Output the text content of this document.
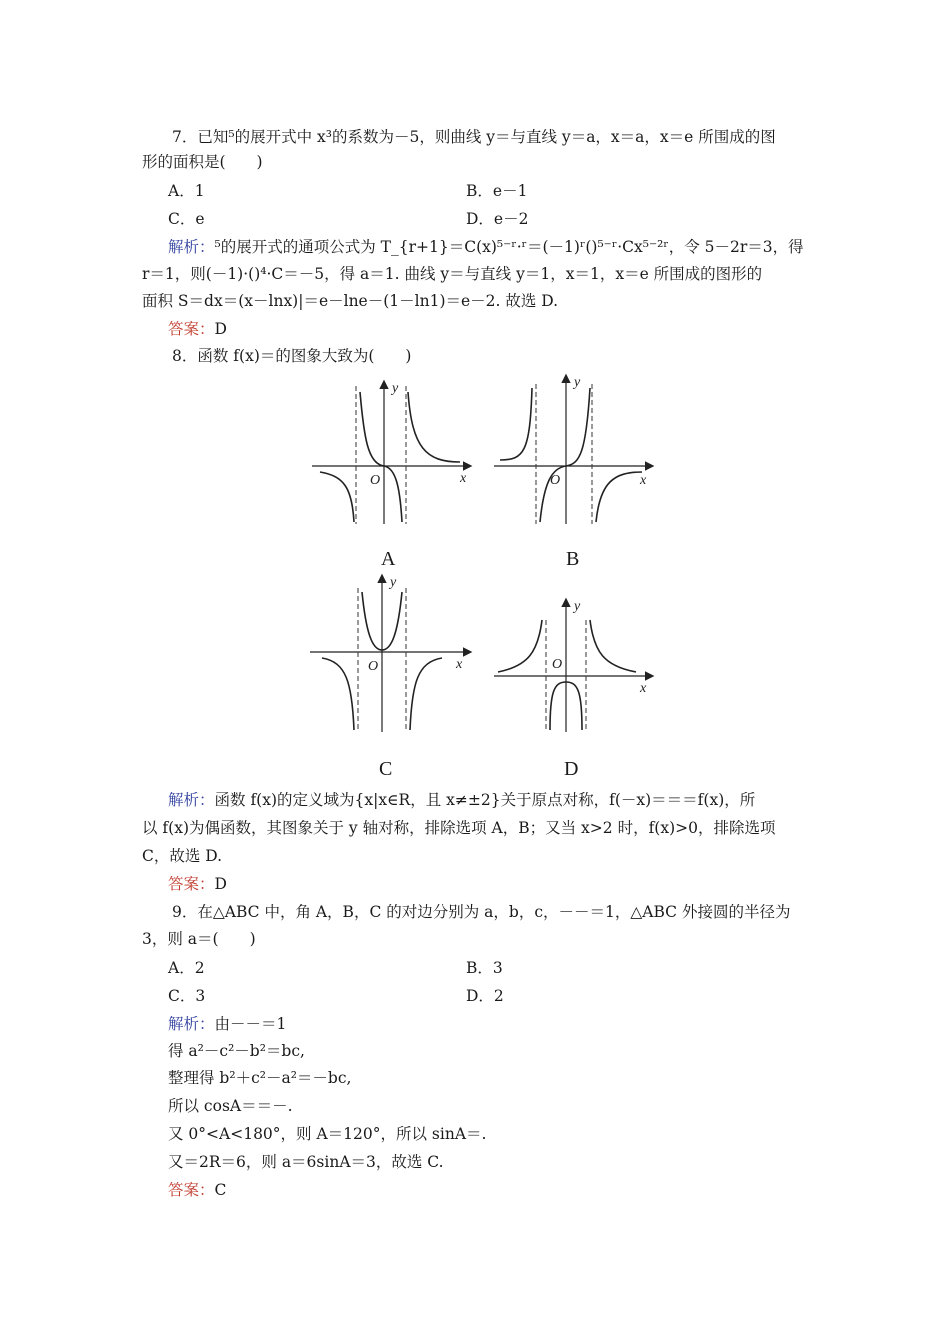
7．已知⁵的展开式中 x³的系数为－5，则曲线 y＝与直线 y＝a，x＝a，x＝e 所围成的图
形的面积是(　　)
A．1	B．e－1
C．e	D．e－2
解析：⁵的展开式的通项公式为 T_{r+1}＝C(x)⁵⁻ʳ·ʳ＝(－1)ʳ()⁵⁻ʳ·Cx⁵⁻²ʳ，令 5－2r＝3，得
r＝1，则(－1)·()⁴·C＝－5，得 a＝1. 曲线 y＝与直线 y＝1，x＝1，x＝e 所围成的图形的
面积 S＝dx＝(x－lnx)|＝e－lne－(1－ln1)＝e－2. 故选 D.
答案：D
8．函数 f(x)＝的图象大致为(　　)
x
y
O
A
x
y
O
B
x
y
O
C
x
y
O
D
解析：函数 f(x)的定义域为{x|x∈R，且 x≠±2}关于原点对称，f(－x)＝＝＝f(x)，所
以 f(x)为偶函数，其图象关于 y 轴对称，排除选项 A，B；又当 x>2 时，f(x)>0，排除选项
C，故选 D.
答案：D
9．在△ABC 中，角 A，B，C 的对边分别为 a，b，c，－－＝1，△ABC 外接圆的半径为
3，则 a＝(　　)
A．2	B．3
C．3	D．2
解析：由－－＝1
得 a²－c²－b²＝bc,
整理得 b²＋c²－a²＝－bc,
所以 cosA＝＝－.
又 0°<A<180°，则 A＝120°，所以 sinA＝.
又＝2R＝6，则 a＝6sinA＝3，故选 C.
答案：C
